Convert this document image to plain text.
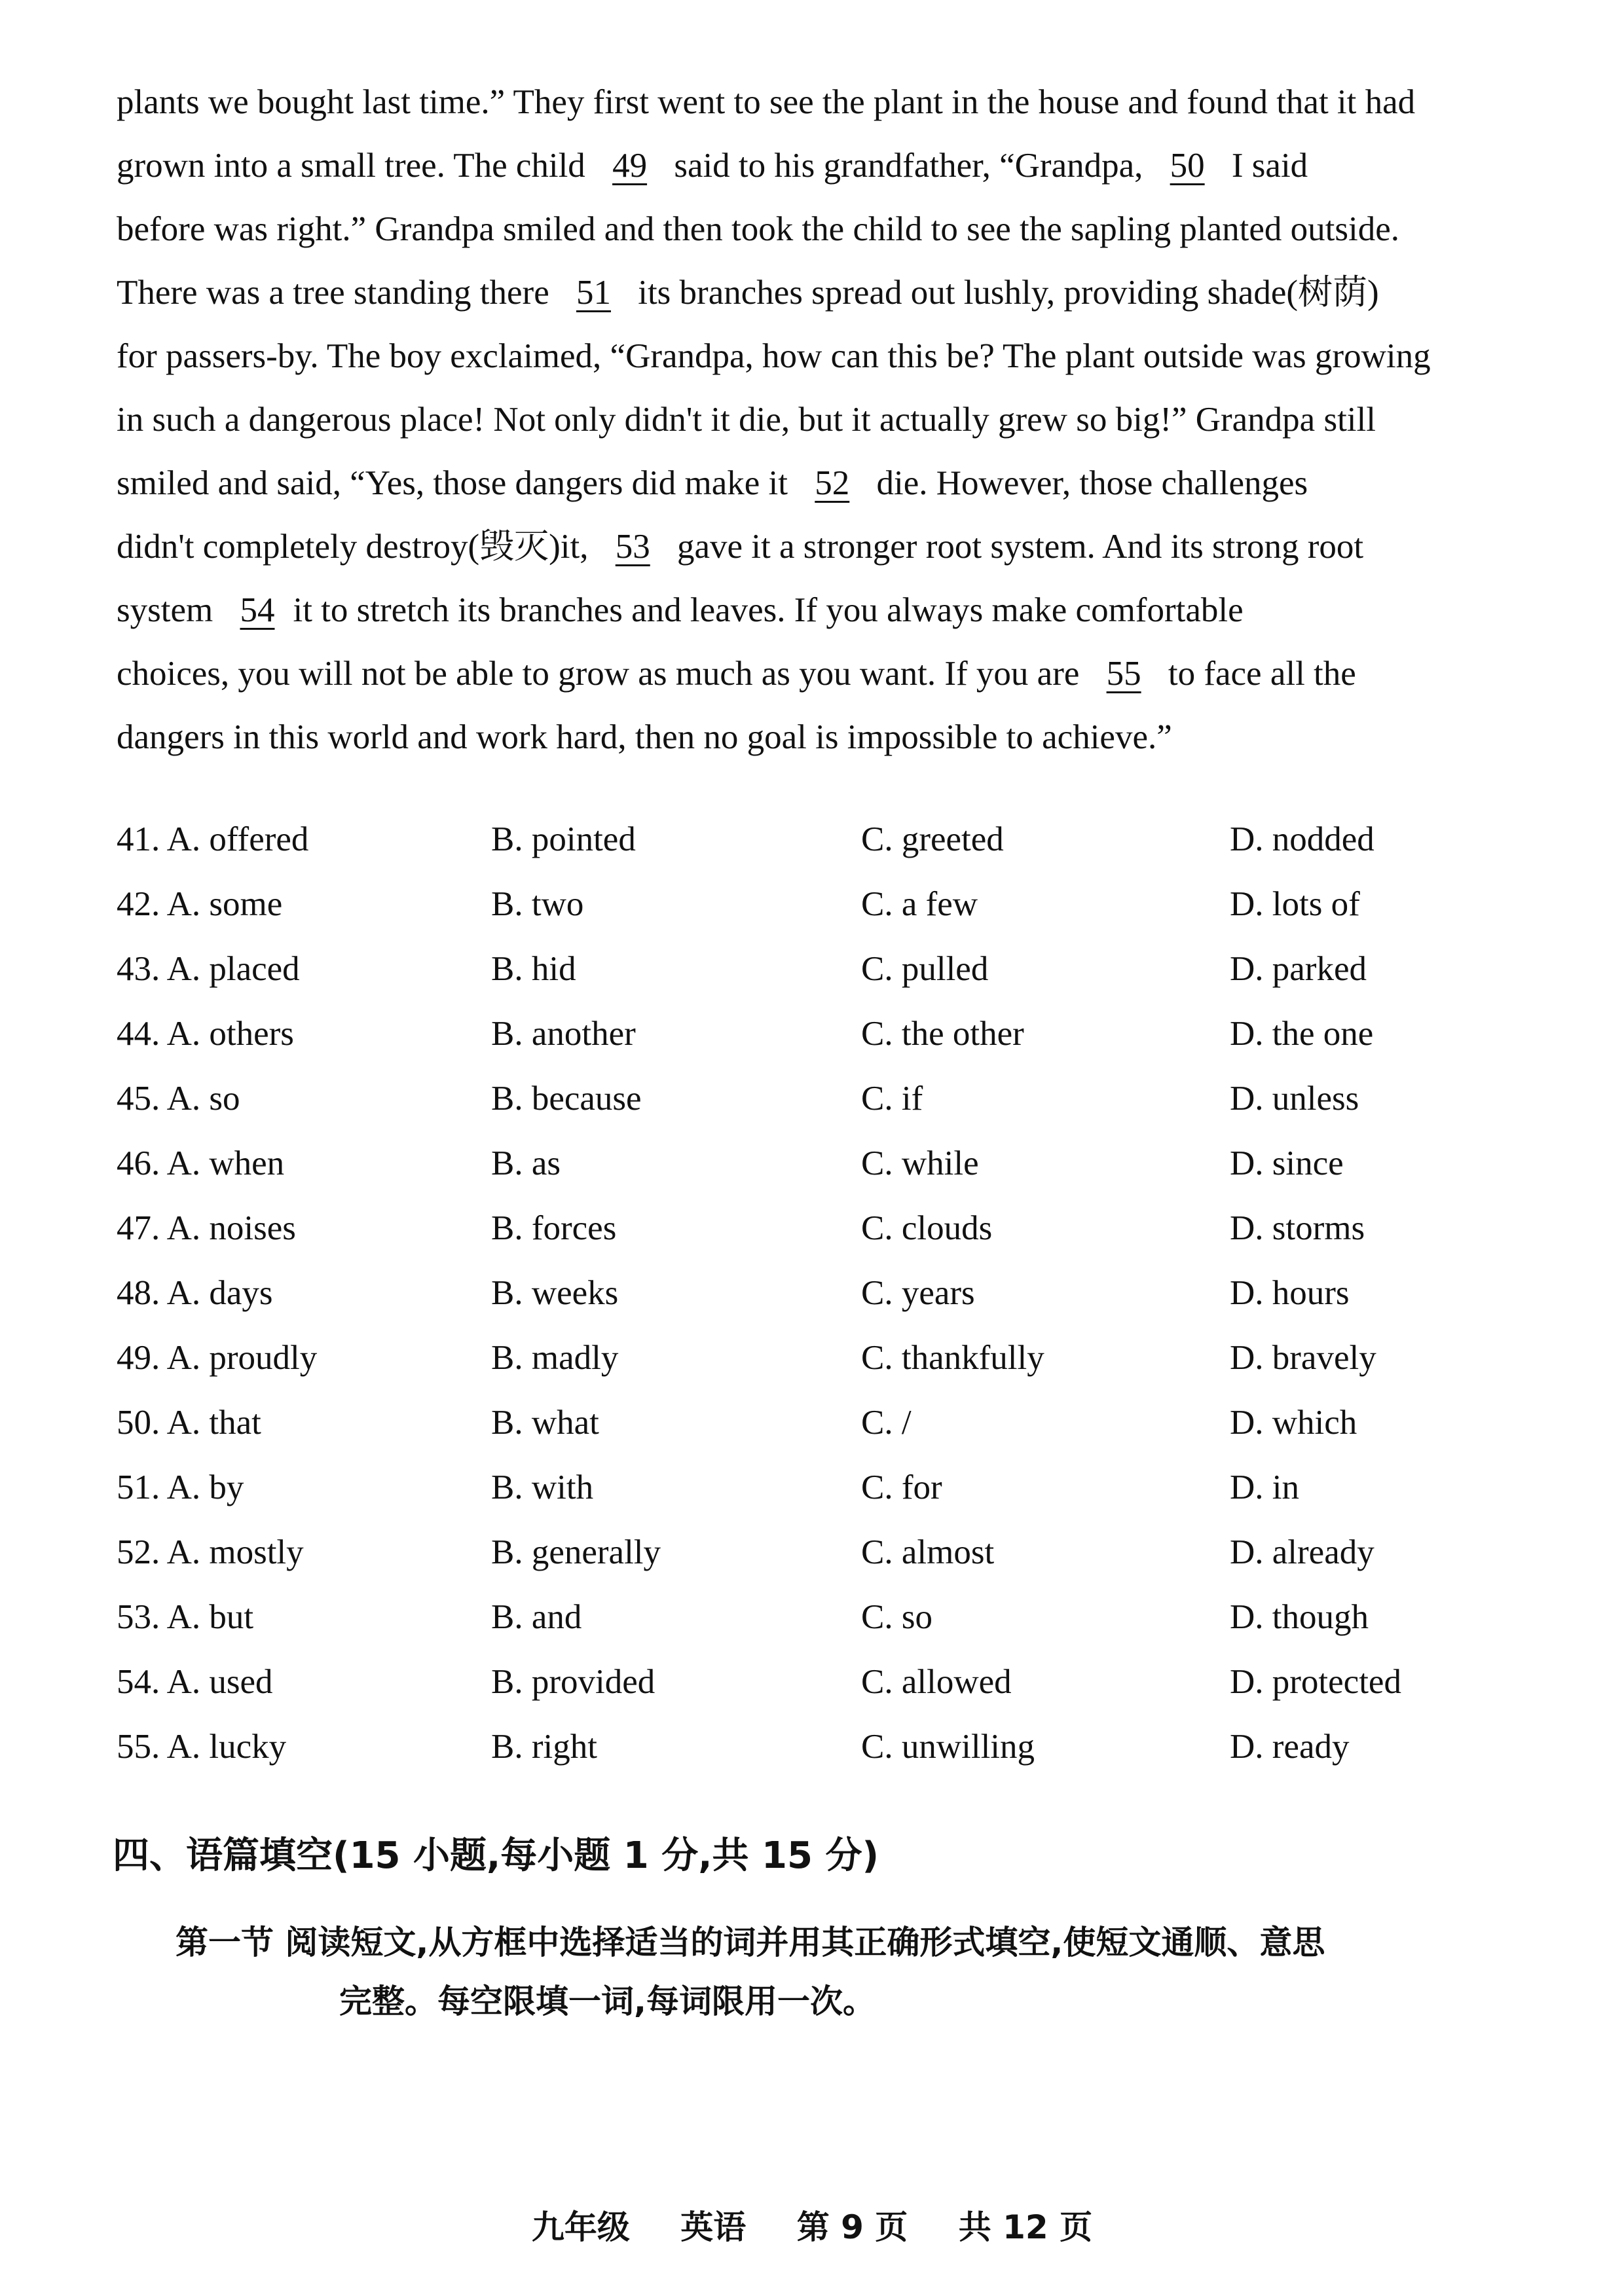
plants we bought last time.” They first went to see the plant in the house and found that it had
grown into a small tree. The child 49 said to his grandfather, “Grandpa, 50 I said
before was right.” Grandpa smiled and then took the child to see the sapling planted outside.
There was a tree standing there 51 its branches spread out lushly, providing shade(树荫)
for passers-by. The boy exclaimed, “Grandpa, how can this be? The plant outside was growing
in such a dangerous place! Not only didn't it die, but it actually grew so big!” Grandpa still
smiled and said, “Yes, those dangers did make it 52 die. However, those challenges
didn't completely destroy(毁灭)it, 53 gave it a stronger root system. And its strong root
system 54 it to stretch its branches and leaves. If you always make comfortable
choices, you will not be able to grow as much as you want. If you are 55 to face all the
dangers in this world and work hard, then no goal is impossible to achieve.”
41. A. offered	B. pointed	C. greeted	D. nodded
42. A. some	B. two	C. a few	D. lots of
43. A. placed	B. hid	C. pulled	D. parked
44. A. others	B. another	C. the other	D. the one
45. A. so	B. because	C. if	D. unless
46. A. when	B. as	C. while	D. since
47. A. noises	B. forces	C. clouds	D. storms
48. A. days	B. weeks	C. years	D. hours
49. A. proudly	B. madly	C. thankfully	D. bravely
50. A. that	B. what	C. /	D. which
51. A. by	B. with	C. for	D. in
52. A. mostly	B. generally	C. almost	D. already
53. A. but	B. and	C. so	D. though
54. A. used	B. provided	C. allowed	D. protected
55. A. lucky	B. right	C. unwilling	D. ready
四、语篇填空(15 小题,每小题 1 分,共 15 分)
第一节 阅读短文,从方框中选择适当的词并用其正确形式填空,使短文通顺、意思
完整。每空限填一词,每词限用一次。
九年级 英语 第 9 页 共 12 页
